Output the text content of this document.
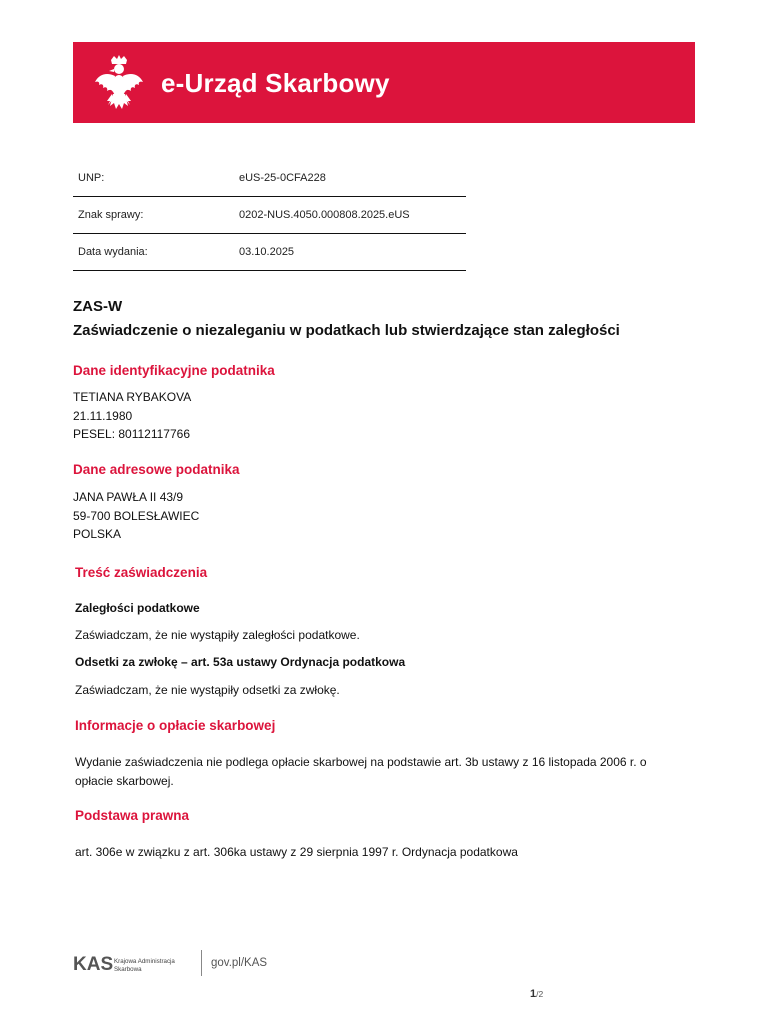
e-Urząd Skarbowy
UNP:	eUS-25-0CFA228
Znak sprawy:	0202-NUS.4050.000808.2025.eUS
Data wydania:	03.10.2025
ZAS-W
Zaświadczenie o niezaleganiu w podatkach lub stwierdzające stan zaległości
Dane identyfikacyjne podatnika
TETIANA RYBAKOVA
21.11.1980
PESEL: 80112117766
Dane adresowe podatnika
JANA PAWŁA II 43/9
59-700 BOLESŁAWIEC
POLSKA
Treść zaświadczenia
Zaległości podatkowe
Zaświadczam, że nie wystąpiły zaległości podatkowe.
Odsetki za zwłokę – art. 53a ustawy Ordynacja podatkowa
Zaświadczam, że nie wystąpiły odsetki za zwłokę.
Informacje o opłacie skarbowej
Wydanie zaświadczenia nie podlega opłacie skarbowej na podstawie art. 3b ustawy z 16 listopada 2006 r. o
opłacie skarbowej.
Podstawa prawna
art. 306e w związku z art. 306ka ustawy z 29 sierpnia 1997 r. Ordynacja podatkowa
KAS Krajowa Administracja
Skarbowa
gov.pl/KAS
1/2
